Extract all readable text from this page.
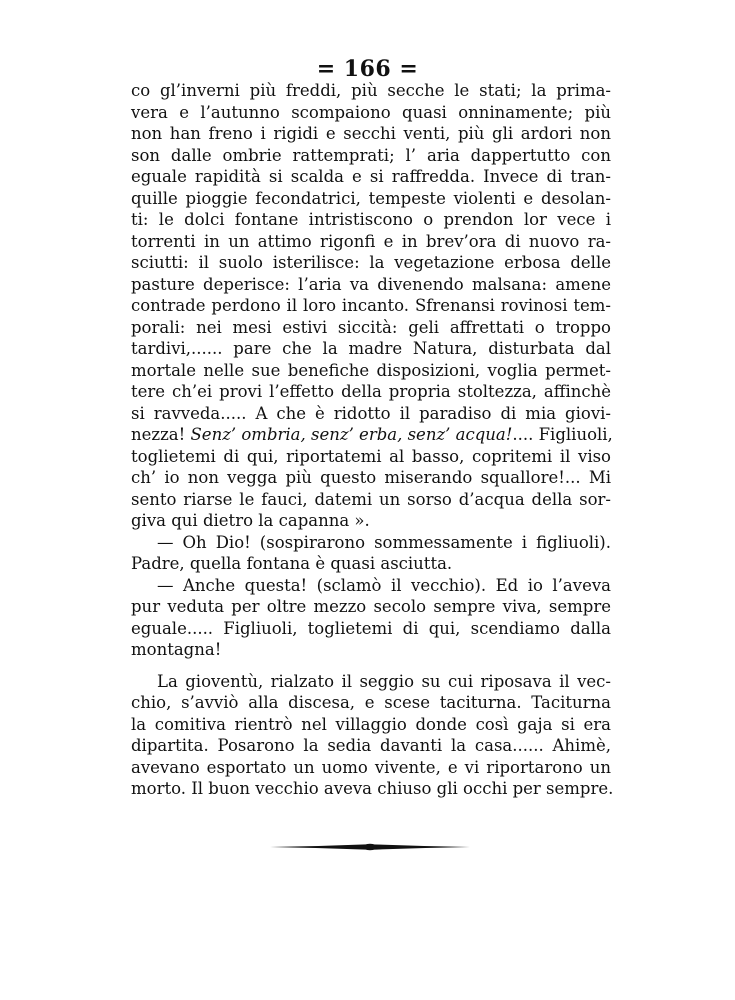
= 166 =
co gl’inverni più freddi, più secche le stati; la prima-
vera e l’autunno scompaiono quasi onninamente; più
non han freno i rigidi e secchi venti, più gli ardori non
son dalle ombrie rattemprati; l’ aria dappertutto con
eguale rapidità si scalda e si raffredda. Invece di tran-
quille pioggie fecondatrici, tempeste violenti e desolan-
ti: le dolci fontane intristiscono o prendon lor vece i
torrenti in un attimo rigonfi e in brev’ora di nuovo ra-
sciutti: il suolo isterilisce: la vegetazione erbosa delle
pasture deperisce: l’aria va divenendo malsana: amene
contrade perdono il loro incanto. Sfrenansi rovinosi tem-
porali: nei mesi estivi siccità: geli affrettati o troppo
tardivi,...... pare che la madre Natura, disturbata dal
mortale nelle sue benefiche disposizioni, voglia permet-
tere ch’ei provi l’effetto della propria stoltezza, affinchè
si ravveda..... A che è ridotto il paradiso di mia giovi-
nezza! Senz’ ombria, senz’ erba, senz’ acqua!.... Figliuoli,
toglietemi di qui, riportatemi al basso, copritemi il viso
ch’ io non vegga più questo miserando squallore!... Mi
sento riarse le fauci, datemi un sorso d’acqua della sor-
giva qui dietro la capanna ».
— Oh Dio! (sospirarono sommessamente i figliuoli).
Padre, quella fontana è quasi asciutta.
— Anche questa! (sclamò il vecchio). Ed io l’aveva
pur veduta per oltre mezzo secolo sempre viva, sempre
eguale..... Figliuoli, toglietemi di qui, scendiamo dalla
montagna!
La gioventù, rialzato il seggio su cui riposava il vec-
chio, s’avviò alla discesa, e scese taciturna. Taciturna
la comitiva rientrò nel villaggio donde così gaja si era
dipartita. Posarono la sedia davanti la casa...... Ahimè,
avevano esportato un uomo vivente, e vi riportarono un
morto. Il buon vecchio aveva chiuso gli occhi per sempre.
